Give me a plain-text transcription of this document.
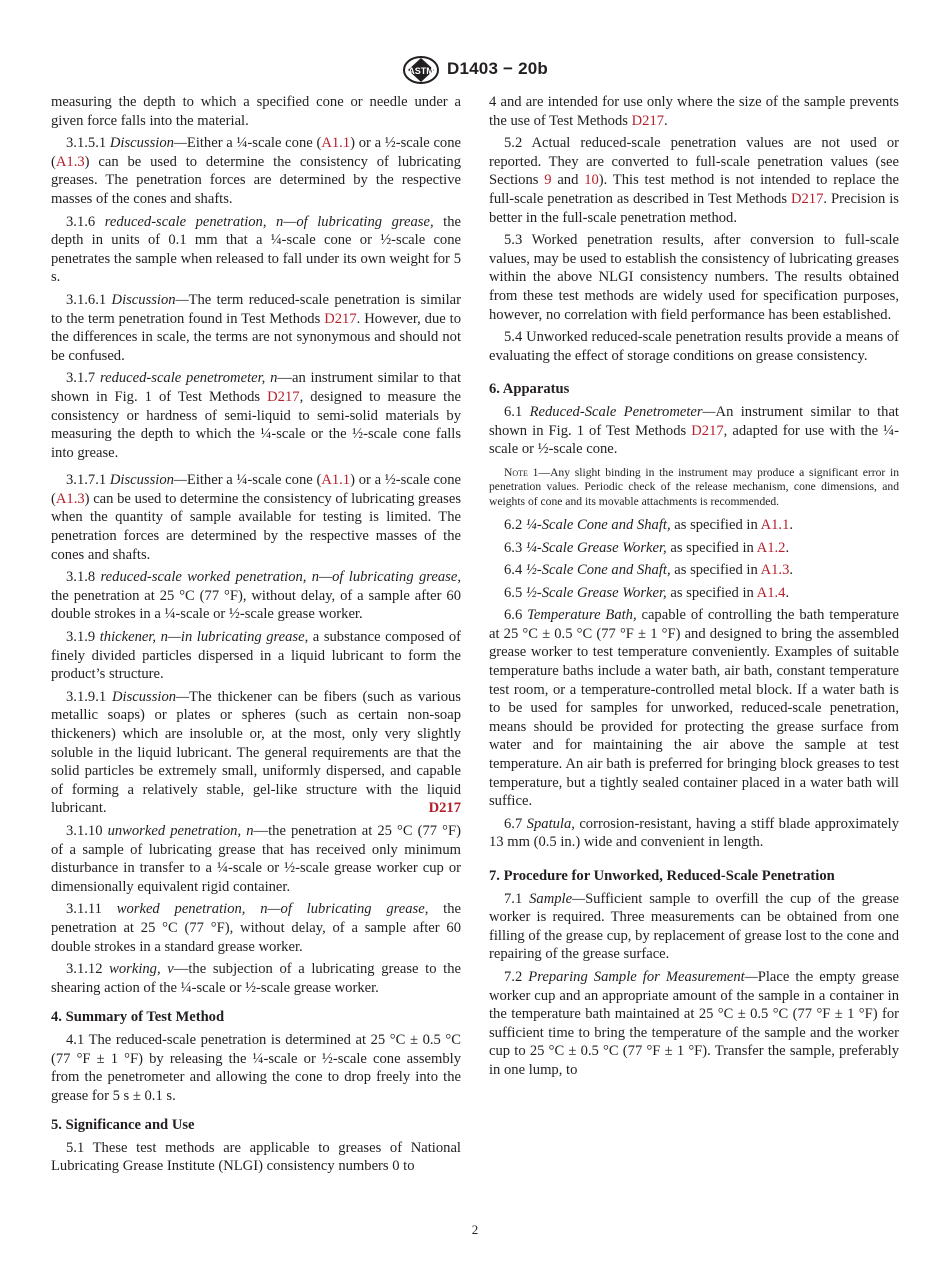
ASTM D1403 − 20b

measuring the depth to which a specified cone or needle under a given force falls into the material.

3.1.5.1 Discussion—Either a ¼-scale cone (A1.1) or a ½-scale cone (A1.3) can be used to determine the consistency of lubricating greases. The penetration forces are determined by the respective masses of the cones and shafts.

3.1.6 reduced-scale penetration, n—of lubricating grease, the depth in units of 0.1 mm that a ¼-scale cone or ½-scale cone penetrates the sample when released to fall under its own weight for 5 s.

3.1.6.1 Discussion—The term reduced-scale penetration is similar to the term penetration found in Test Methods D217. However, due to the differences in scale, the terms are not synonymous and should not be confused.

3.1.7 reduced-scale penetrometer, n—an instrument similar to that shown in Fig. 1 of Test Methods D217, designed to measure the consistency or hardness of semi-liquid to semi-solid materials by measuring the depth to which the ¼-scale or the ½-scale cone falls into grease.

3.1.7.1 Discussion—Either a ¼-scale cone (A1.1) or a ½-scale cone (A1.3) can be used to determine the consistency of lubricating greases when the quantity of sample available for testing is limited. The penetration forces are determined by the respective masses of the cones and shafts.

3.1.8 reduced-scale worked penetration, n—of lubricating grease, the penetration at 25 °C (77 °F), without delay, of a sample after 60 double strokes in a ¼-scale or ½-scale grease worker.

3.1.9 thickener, n—in lubricating grease, a substance composed of finely divided particles dispersed in a liquid lubricant to form the product’s structure.

3.1.9.1 Discussion—The thickener can be fibers (such as various metallic soaps) or plates or spheres (such as certain non-soap thickeners) which are insoluble or, at the most, only very slightly soluble in the liquid lubricant. The general requirements are that the solid particles be extremely small, uniformly dispersed, and capable of forming a relatively stable, gel-like structure with the liquid lubricant.	D217

3.1.10 unworked penetration, n—the penetration at 25 °C (77 °F) of a sample of lubricating grease that has received only minimum disturbance in transfer to a ¼-scale or ½-scale grease worker cup or dimensionally equivalent rigid container.

3.1.11 worked penetration, n—of lubricating grease, the penetration at 25 °C (77 °F), without delay, of a sample after 60 double strokes in a standard grease worker.

3.1.12 working, v—the subjection of a lubricating grease to the shearing action of the ¼-scale or ½-scale grease worker.

4. Summary of Test Method

4.1 The reduced-scale penetration is determined at 25 °C ± 0.5 °C (77 °F ± 1 °F) by releasing the ¼-scale or ½-scale cone assembly from the penetrometer and allowing the cone to drop freely into the grease for 5 s ± 0.1 s.

5. Significance and Use

5.1 These test methods are applicable to greases of National Lubricating Grease Institute (NLGI) consistency numbers 0 to

4 and are intended for use only where the size of the sample prevents the use of Test Methods D217.

5.2 Actual reduced-scale penetration values are not used or reported. They are converted to full-scale penetration values (see Sections 9 and 10). This test method is not intended to replace the full-scale penetration as described in Test Methods D217. Precision is better in the full-scale penetration method.

5.3 Worked penetration results, after conversion to full-scale values, may be used to establish the consistency of lubricating greases within the above NLGI consistency numbers. The results obtained from these test methods are widely used for specification purposes, however, no correlation with field performance has been established.

5.4 Unworked reduced-scale penetration results provide a means of evaluating the effect of storage conditions on grease consistency.

6. Apparatus

6.1 Reduced-Scale Penetrometer—An instrument similar to that shown in Fig. 1 of Test Methods D217, adapted for use with the ¼-scale or ½-scale cone.

Note 1—Any slight binding in the instrument may produce a significant error in penetration values. Periodic check of the release mechanism, cone dimensions, and weights of cone and its movable attachments is recommended.

6.2 ¼-Scale Cone and Shaft, as specified in A1.1.

6.3 ¼-Scale Grease Worker, as specified in A1.2.

6.4 ½-Scale Cone and Shaft, as specified in A1.3.

6.5 ½-Scale Grease Worker, as specified in A1.4.

6.6 Temperature Bath, capable of controlling the bath temperature at 25 °C ± 0.5 °C (77 °F ± 1 °F) and designed to bring the assembled grease worker to test temperature conveniently. Examples of suitable temperature baths include a water bath, air bath, constant temperature test room, or a temperature-controlled metal block. If a water bath is to be used for samples for unworked, reduced-scale penetration, means should be provided for protecting the grease surface from water and for maintaining the air above the sample at test temperature. An air bath is preferred for bringing block greases to test temperature, but a tightly sealed container placed in a water bath will suffice.

6.7 Spatula, corrosion-resistant, having a stiff blade approximately 13 mm (0.5 in.) wide and convenient in length.

7. Procedure for Unworked, Reduced-Scale Penetration

7.1 Sample—Sufficient sample to overfill the cup of the grease worker is required. Three measurements can be obtained from one filling of the grease cup, by replacement of grease lost to the cone and repairing of the grease surface.

7.2 Preparing Sample for Measurement—Place the empty grease worker cup and an appropriate amount of the sample in a container in the temperature bath maintained at 25 °C ± 0.5 °C (77 °F ± 1 °F) for sufficient time to bring the temperature of the sample and the worker cup to 25 °C ± 0.5 °C (77 °F ± 1 °F). Transfer the sample, preferably in one lump, to

2
